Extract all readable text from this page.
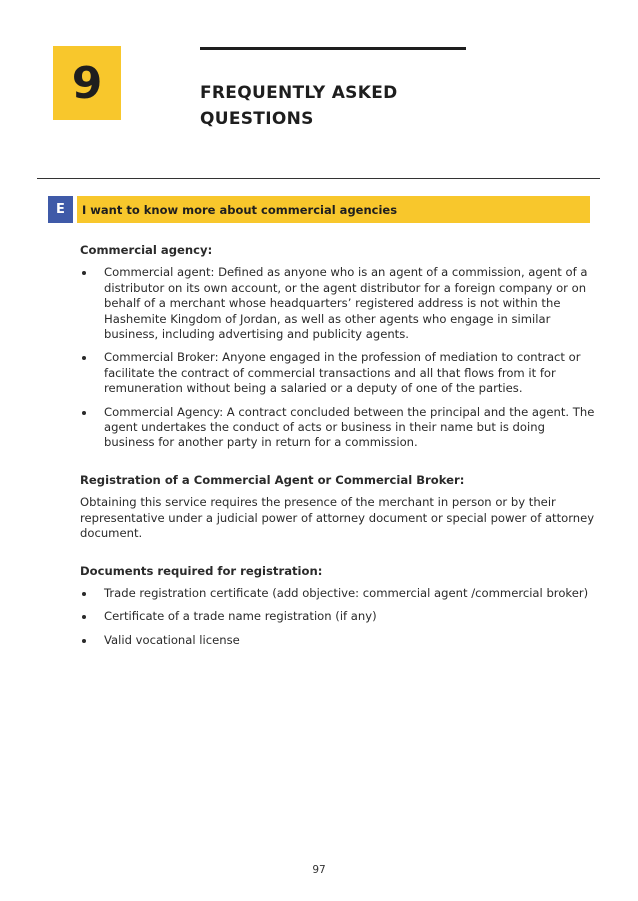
9	FREQUENTLY ASKED QUESTIONS
E	I want to know more about commercial agencies

Commercial agency:

Commercial agent: Defined as anyone who is an agent of a commission, agent of a distributor on its own account, or the agent distributor for a foreign company or on behalf of a merchant whose headquarters’ registered address is not within the Hashemite Kingdom of Jordan, as well as other agents who engage in similar business, including advertising and publicity agents.
Commercial Broker: Anyone engaged in the profession of mediation to contract or facilitate the contract of commercial transactions and all that flows from it for remuneration without being a salaried or a deputy of one of the parties.
Commercial Agency: A contract concluded between the principal and the agent. The agent undertakes the conduct of acts or business in their name but is doing business for another party in return for a commission.

Registration of a Commercial Agent or Commercial Broker:

Obtaining this service requires the presence of the merchant in person or by their representative under a judicial power of attorney document or special power of attorney document.

Documents required for registration:

Trade registration certificate (add objective: commercial agent /commercial broker)
Certificate of a trade name registration (if any)
Valid vocational license
97
